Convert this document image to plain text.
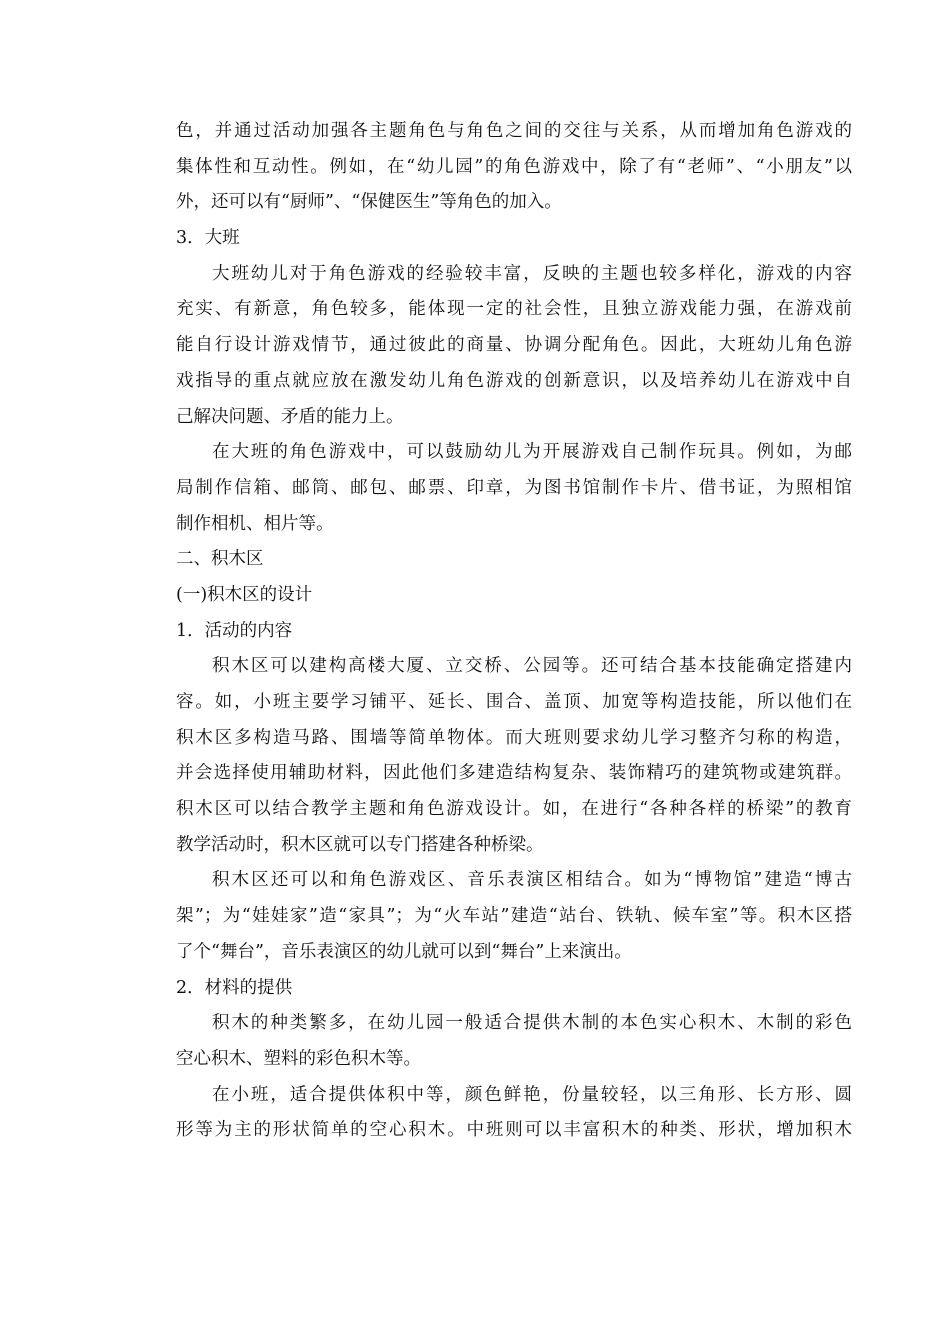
色，并通过活动加强各主题角色与角色之间的交往与关系，从而增加角色游戏的
集体性和互动性。例如，在“幼儿园”的角色游戏中，除了有“老师”、“小朋友”以
外，还可以有“厨师”、“保健医生”等角色的加入。
3．大班
大班幼儿对于角色游戏的经验较丰富，反映的主题也较多样化，游戏的内容
充实、有新意，角色较多，能体现一定的社会性，且独立游戏能力强，在游戏前
能自行设计游戏情节，通过彼此的商量、协调分配角色。因此，大班幼儿角色游
戏指导的重点就应放在激发幼儿角色游戏的创新意识，以及培养幼儿在游戏中自
己解决问题、矛盾的能力上。
在大班的角色游戏中，可以鼓励幼儿为开展游戏自己制作玩具。例如，为邮
局制作信箱、邮筒、邮包、邮票、印章，为图书馆制作卡片、借书证，为照相馆
制作相机、相片等。
二、积木区
(一)积木区的设计
1．活动的内容
积木区可以建构高楼大厦、立交桥、公园等。还可结合基本技能确定搭建内
容。如，小班主要学习铺平、延长、围合、盖顶、加宽等构造技能，所以他们在
积木区多构造马路、围墙等简单物体。而大班则要求幼儿学习整齐匀称的构造，
并会选择使用辅助材料，因此他们多建造结构复杂、装饰精巧的建筑物或建筑群。
积木区可以结合教学主题和角色游戏设计。如，在进行“各种各样的桥梁”的教育
教学活动时，积木区就可以专门搭建各种桥梁。
积木区还可以和角色游戏区、音乐表演区相结合。如为“博物馆”建造“博古
架”；为“娃娃家”造“家具”；为“火车站”建造“站台、铁轨、候车室”等。积木区搭
了个“舞台”，音乐表演区的幼儿就可以到“舞台”上来演出。
2．材料的提供
积木的种类繁多，在幼儿园一般适合提供木制的本色实心积木、木制的彩色
空心积木、塑料的彩色积木等。
在小班，适合提供体积中等，颜色鲜艳，份量较轻，以三角形、长方形、圆
形等为主的形状简单的空心积木。中班则可以丰富积木的种类、形状，增加积木
